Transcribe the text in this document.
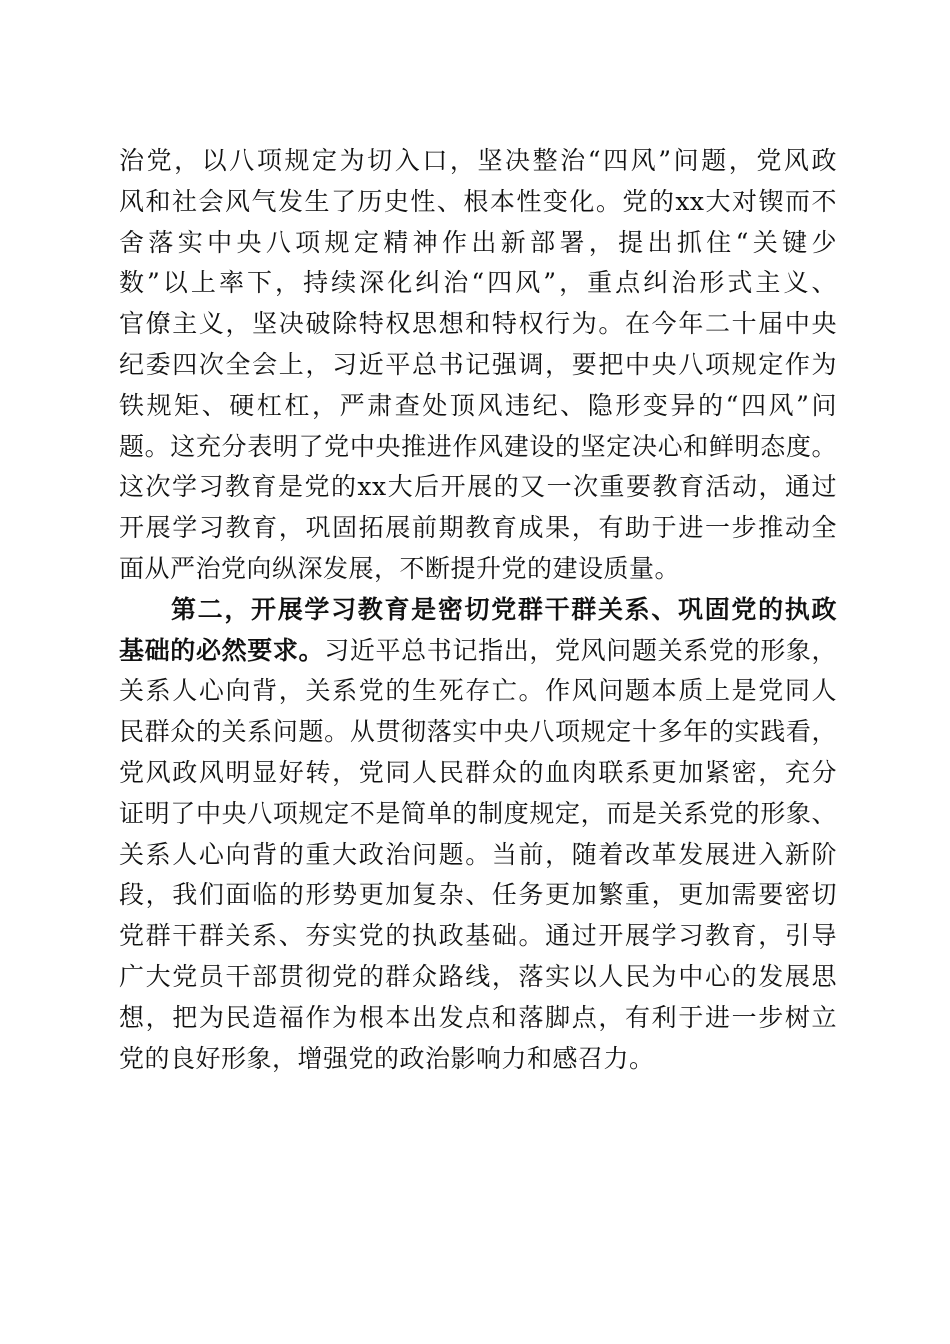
治党，以八项规定为切入口，坚决整治“四风”问题，党风政
风和社会风气发生了历史性、根本性变化。党的xx大对锲而不
舍落实中央八项规定精神作出新部署，提出抓住“关键少
数”以上率下，持续深化纠治“四风”，重点纠治形式主义、
官僚主义，坚决破除特权思想和特权行为。在今年二十届中央
纪委四次全会上，习近平总书记强调，要把中央八项规定作为
铁规矩、硬杠杠，严肃查处顶风违纪、隐形变异的“四风”问
题。这充分表明了党中央推进作风建设的坚定决心和鲜明态度。
这次学习教育是党的xx大后开展的又一次重要教育活动，通过
开展学习教育，巩固拓展前期教育成果，有助于进一步推动全
面从严治党向纵深发展，不断提升党的建设质量。
第二，开展学习教育是密切党群干群关系、巩固党的执政
基础的必然要求。习近平总书记指出，党风问题关系党的形象，
关系人心向背，关系党的生死存亡。作风问题本质上是党同人
民群众的关系问题。从贯彻落实中央八项规定十多年的实践看，
党风政风明显好转，党同人民群众的血肉联系更加紧密，充分
证明了中央八项规定不是简单的制度规定，而是关系党的形象、
关系人心向背的重大政治问题。当前，随着改革发展进入新阶
段，我们面临的形势更加复杂、任务更加繁重，更加需要密切
党群干群关系、夯实党的执政基础。通过开展学习教育，引导
广大党员干部贯彻党的群众路线，落实以人民为中心的发展思
想，把为民造福作为根本出发点和落脚点，有利于进一步树立
党的良好形象，增强党的政治影响力和感召力。
